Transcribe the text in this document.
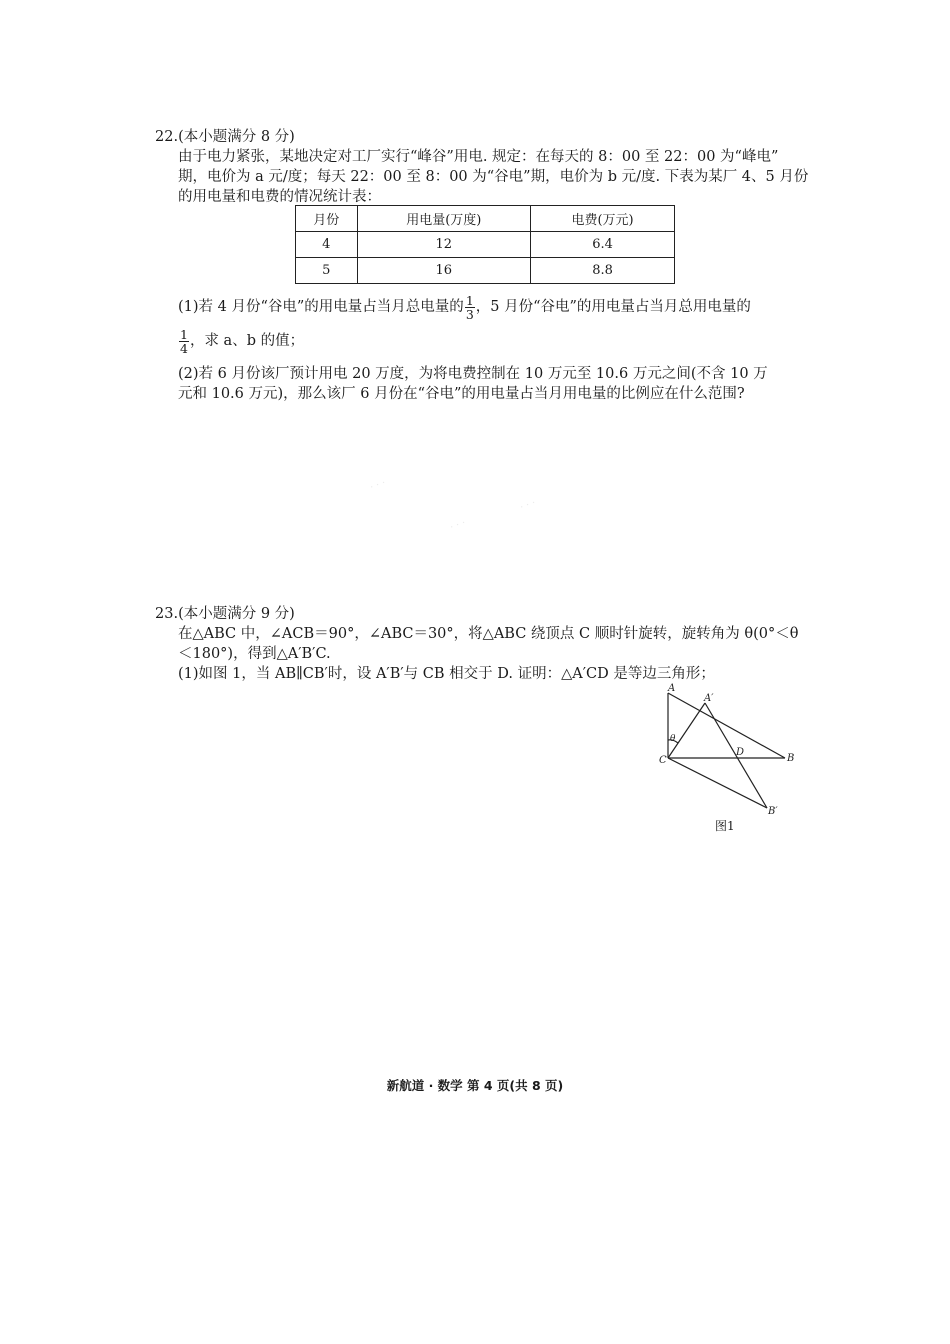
· · ·
· · ·
· · ·
22.(本小题满分 8 分)
由于电力紧张，某地决定对工厂实行“峰谷”用电. 规定：在每天的 8：00 至 22：00 为“峰电”
期，电价为 a 元/度；每天 22：00 至 8：00 为“谷电”期，电价为 b 元/度. 下表为某厂 4、5 月份
的用电量和电费的情况统计表：
月份	用电量(万度)	电费(万元)
4	12	6.4
5	16	8.8
(1)若 4 月份“谷电”的用电量占当月总电量的 $\frac{1}{3}$ ，5 月份“谷电”的用电量占当月总用电量的
$\frac{1}{4}$ ，求 a、b 的值；
(2)若 6 月份该厂预计用电 20 万度，为将电费控制在 10 万元至 10.6 万元之间(不含 10 万
元和 10.6 万元)，那么该厂 6 月份在“谷电”的用电量占当月用电量的比例应在什么范围?
23.(本小题满分 9 分)
在△ABC 中，∠ACB＝90°，∠ABC＝30°，将△ABC 绕顶点 C 顺时针旋转，旋转角为 θ(0°＜θ
＜180°)，得到△A′B′C.
(1)如图 1，当 AB∥CB′时，设 A′B′与 CB 相交于 D. 证明：△A′CD 是等边三角形；
A
A′
C	B
D
B′
θ
图1
新航道 · 数学 第 4 页(共 8 页)
